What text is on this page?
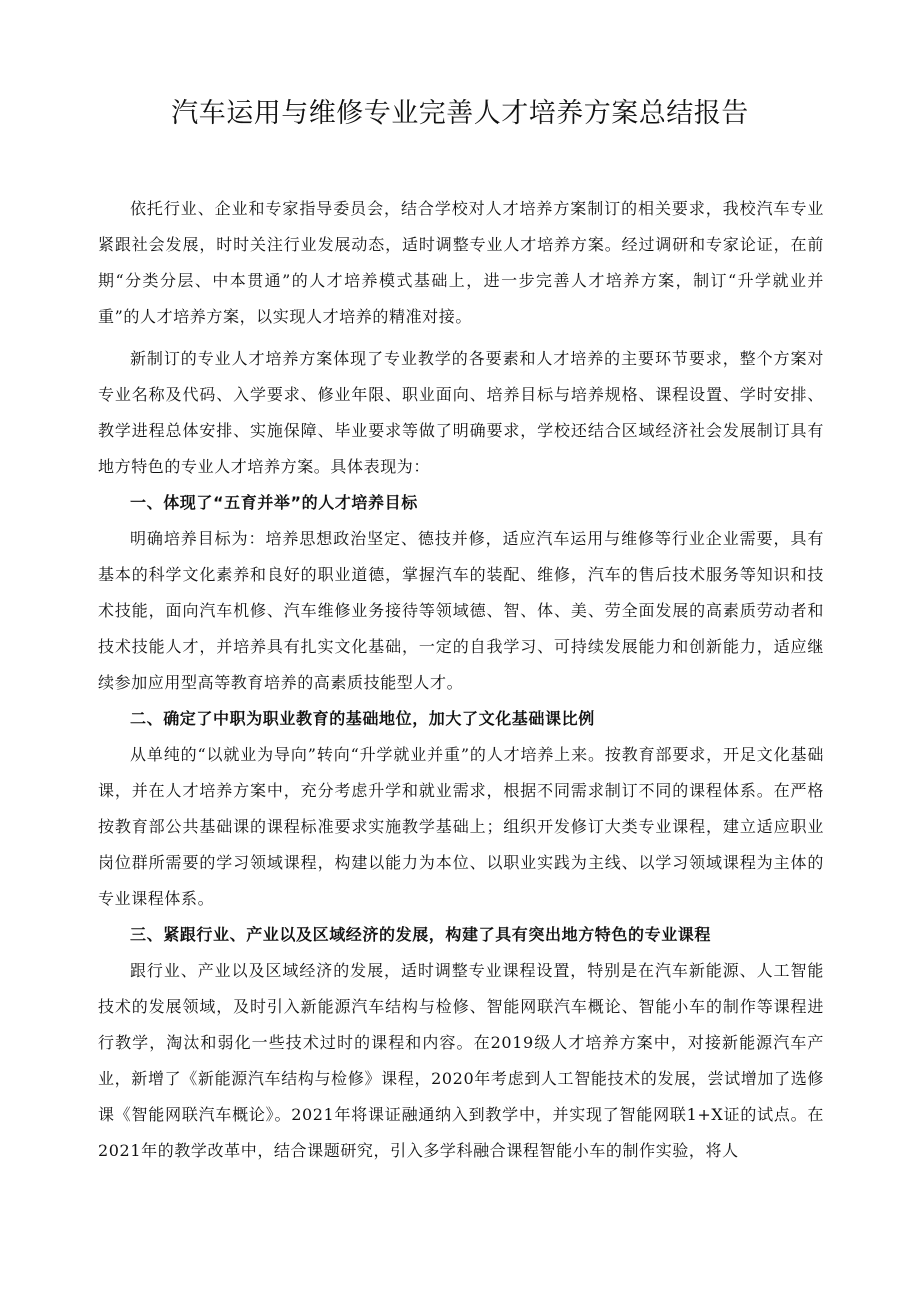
汽车运用与维修专业完善人才培养方案总结报告

依托行业、企业和专家指导委员会，结合学校对人才培养方案制订的相关要求，我校汽车专业紧跟社会发展，时时关注行业发展动态，适时调整专业人才培养方案。经过调研和专家论证，在前期“分类分层、中本贯通”的人才培养模式基础上，进一步完善人才培养方案，制订“升学就业并重”的人才培养方案，以实现人才培养的精准对接。

新制订的专业人才培养方案体现了专业教学的各要素和人才培养的主要环节要求，整个方案对专业名称及代码、入学要求、修业年限、职业面向、培养目标与培养规格、课程设置、学时安排、教学进程总体安排、实施保障、毕业要求等做了明确要求，学校还结合区域经济社会发展制订具有地方特色的专业人才培养方案。具体表现为：

一、体现了“五育并举”的人才培养目标

明确培养目标为：培养思想政治坚定、德技并修，适应汽车运用与维修等行业企业需要，具有基本的科学文化素养和良好的职业道德，掌握汽车的装配、维修，汽车的售后技术服务等知识和技术技能，面向汽车机修、汽车维修业务接待等领域德、智、体、美、劳全面发展的高素质劳动者和技术技能人才，并培养具有扎实文化基础，一定的自我学习、可持续发展能力和创新能力，适应继续参加应用型高等教育培养的高素质技能型人才。

二、确定了中职为职业教育的基础地位，加大了文化基础课比例

从单纯的“以就业为导向”转向“升学就业并重”的人才培养上来。按教育部要求，开足文化基础课，并在人才培养方案中，充分考虑升学和就业需求，根据不同需求制订不同的课程体系。在严格按教育部公共基础课的课程标准要求实施教学基础上；组织开发修订大类专业课程，建立适应职业岗位群所需要的学习领域课程，构建以能力为本位、以职业实践为主线、以学习领域课程为主体的专业课程体系。

三、紧跟行业、产业以及区域经济的发展，构建了具有突出地方特色的专业课程

跟行业、产业以及区域经济的发展，适时调整专业课程设置，特别是在汽车新能源、人工智能技术的发展领域，及时引入新能源汽车结构与检修、智能网联汽车概论、智能小车的制作等课程进行教学，淘汰和弱化一些技术过时的课程和内容。在2019级人才培养方案中，对接新能源汽车产业，新增了《新能源汽车结构与检修》课程，2020年考虑到人工智能技术的发展，尝试增加了选修课《智能网联汽车概论》。2021年将课证融通纳入到教学中，并实现了智能网联1+X证的试点。在2021年的教学改革中，结合课题研究，引入多学科融合课程智能小车的制作实验，将人
